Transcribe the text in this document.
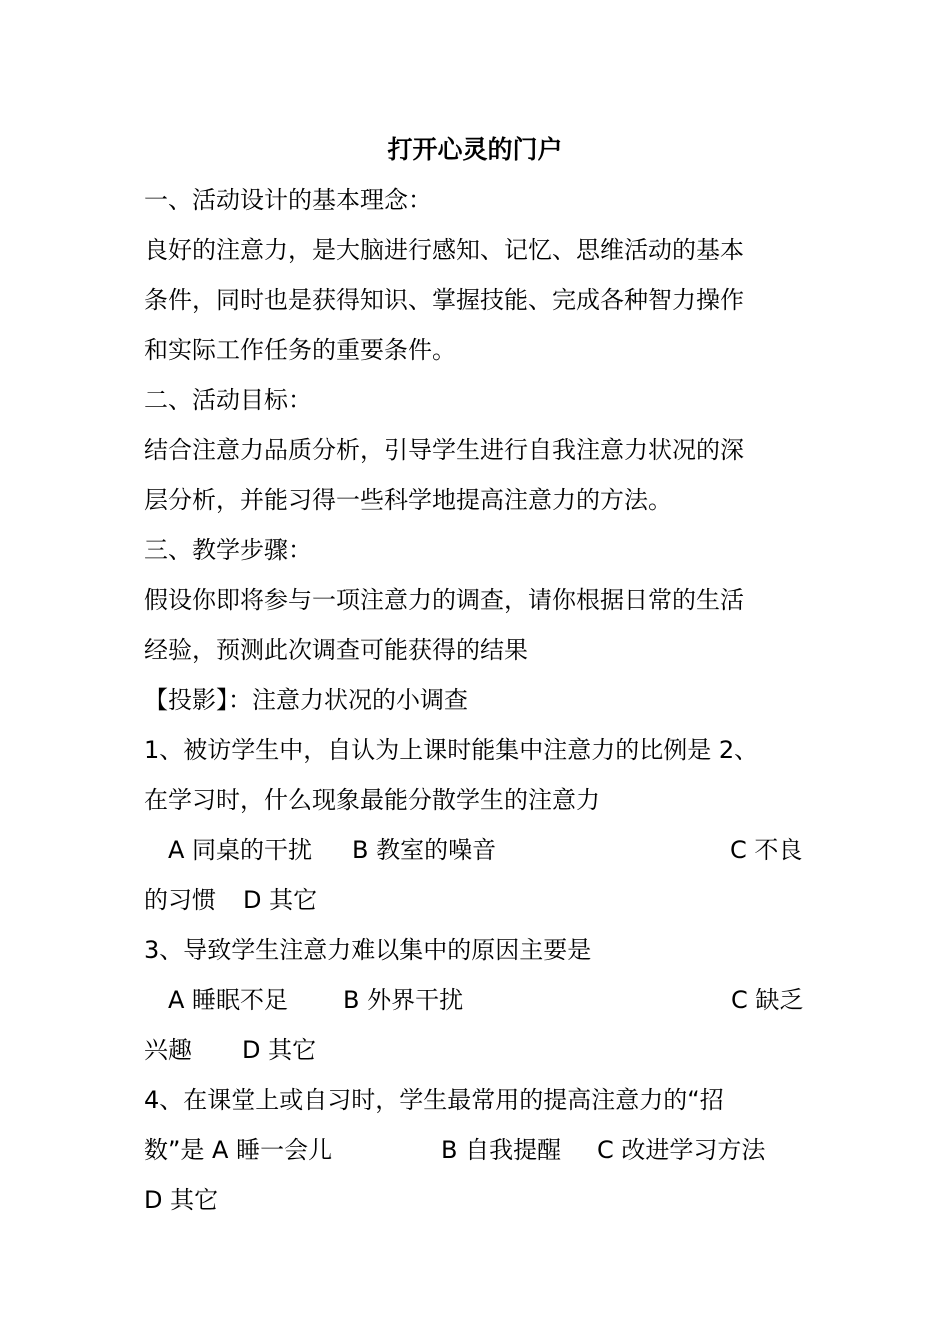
打开心灵的门户
一、活动设计的基本理念：
良好的注意力，是大脑进行感知、记忆、思维活动的基本
条件，同时也是获得知识、掌握技能、完成各种智力操作
和实际工作任务的重要条件。
二、活动目标：
结合注意力品质分析，引导学生进行自我注意力状况的深
层分析，并能习得一些科学地提高注意力的方法。
三、教学步骤：
假设你即将参与一项注意力的调查，请你根据日常的生活
经验，预测此次调查可能获得的结果
【投影】：注意力状况的小调查
1、被访学生中，自认为上课时能集中注意力的比例是 2、
在学习时，什么现象最能分散学生的注意力
A 同桌的干扰 B 教室的噪音	C 不良
的习惯 D 其它
3、导致学生注意力难以集中的原因主要是
A 睡眠不足 B 外界干扰	C 缺乏
兴趣 D 其它
4、在课堂上或自习时，学生最常用的提高注意力的“招
数”是 A 睡一会儿	B 自我提醒 C 改进学习方法
D 其它
